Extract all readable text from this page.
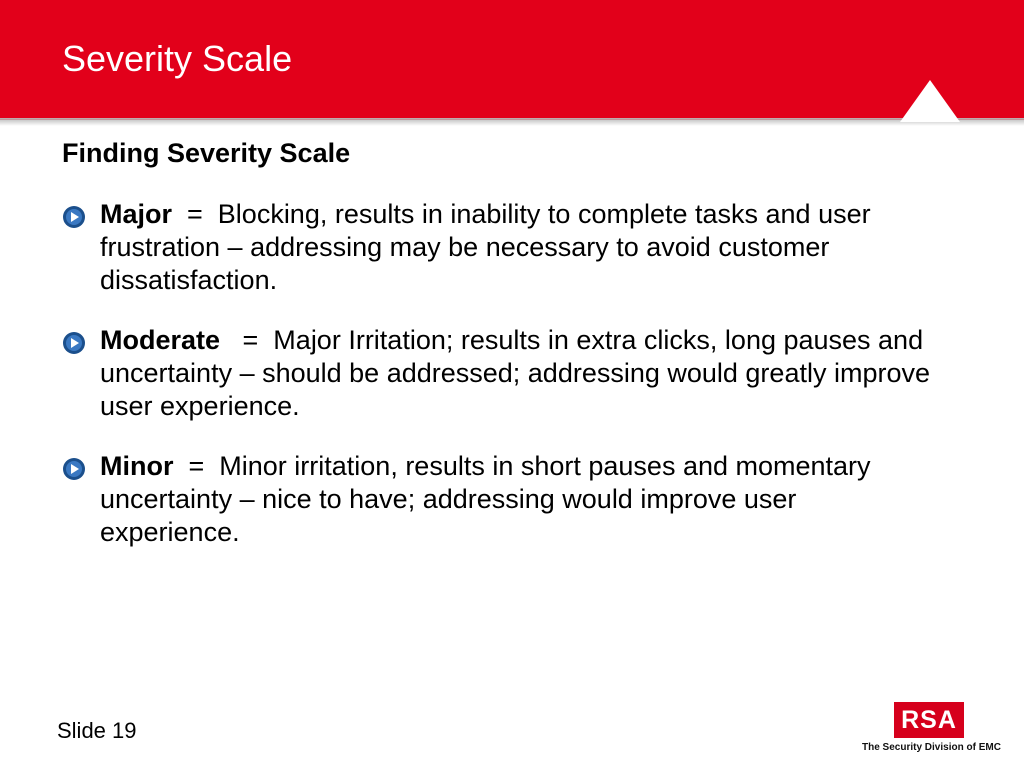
Severity Scale
Finding Severity Scale
Major  =  Blocking, results in inability to complete tasks and user frustration – addressing may be necessary to avoid customer dissatisfaction.
Moderate   =  Major Irritation; results in extra clicks, long pauses and uncertainty – should be addressed; addressing would greatly improve user experience.
Minor  =  Minor irritation, results in short pauses and momentary uncertainty – nice to have; addressing would improve user experience.
Slide 19	RSA
The Security Division of EMC
